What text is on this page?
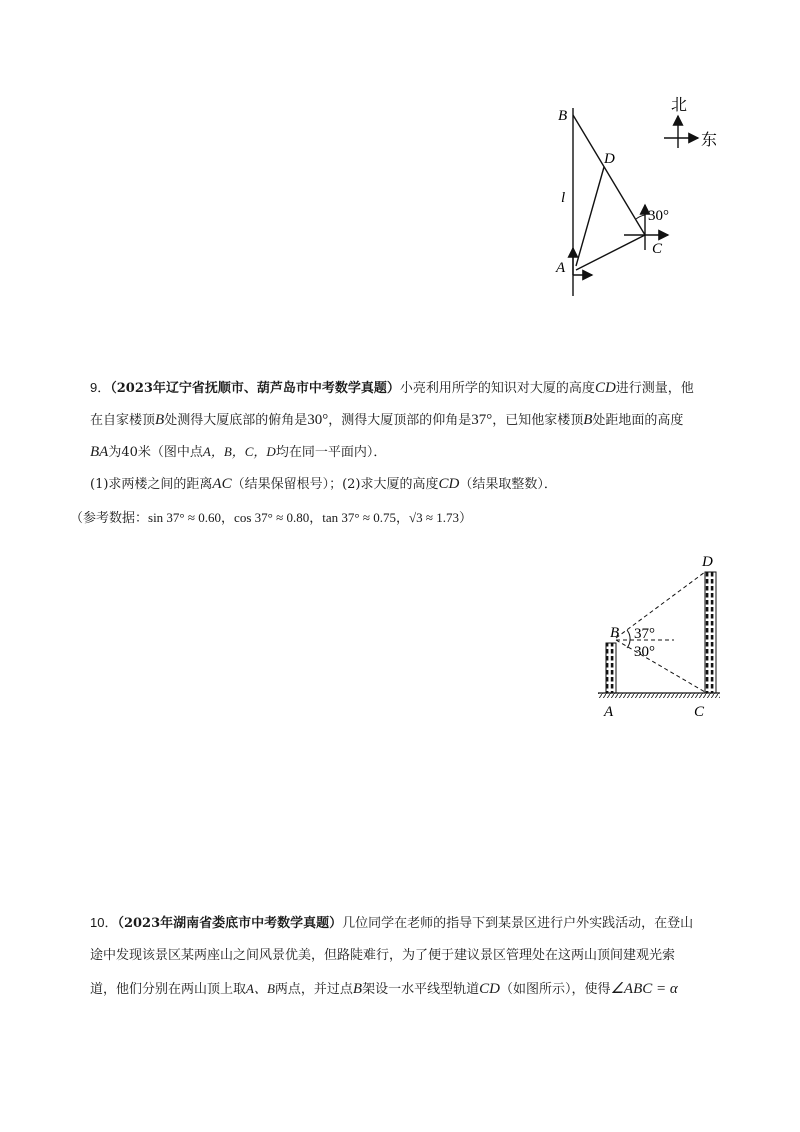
B
D
l
A
C
30°
北
东
9．（2023年辽宁省抚顺市、葫芦岛市中考数学真题）小亮利用所学的知识对大厦的高度CD进行测量，他
在自家楼顶B处测得大厦底部的俯角是30°，测得大厦顶部的仰角是37°，已知他家楼顶B处距地面的高度
BA为40米（图中点A，B，C，D均在同一平面内）．
(1)求两楼之间的距离AC（结果保留根号）；(2)求大厦的高度CD（结果取整数）．
（参考数据：sin 37° ≈ 0.60，cos 37° ≈ 0.80，tan 37° ≈ 0.75，√3 ≈ 1.73）
B
D
37°
30°
A	C
10．（2023年湖南省娄底市中考数学真题）几位同学在老师的指导下到某景区进行户外实践活动，在登山
途中发现该景区某两座山之间风景优美，但路陡难行，为了便于建议景区管理处在这两山顶间建观光索
道，他们分别在两山顶上取A、B两点，并过点B架设一水平线型轨道CD（如图所示），使得∠ABC = α
